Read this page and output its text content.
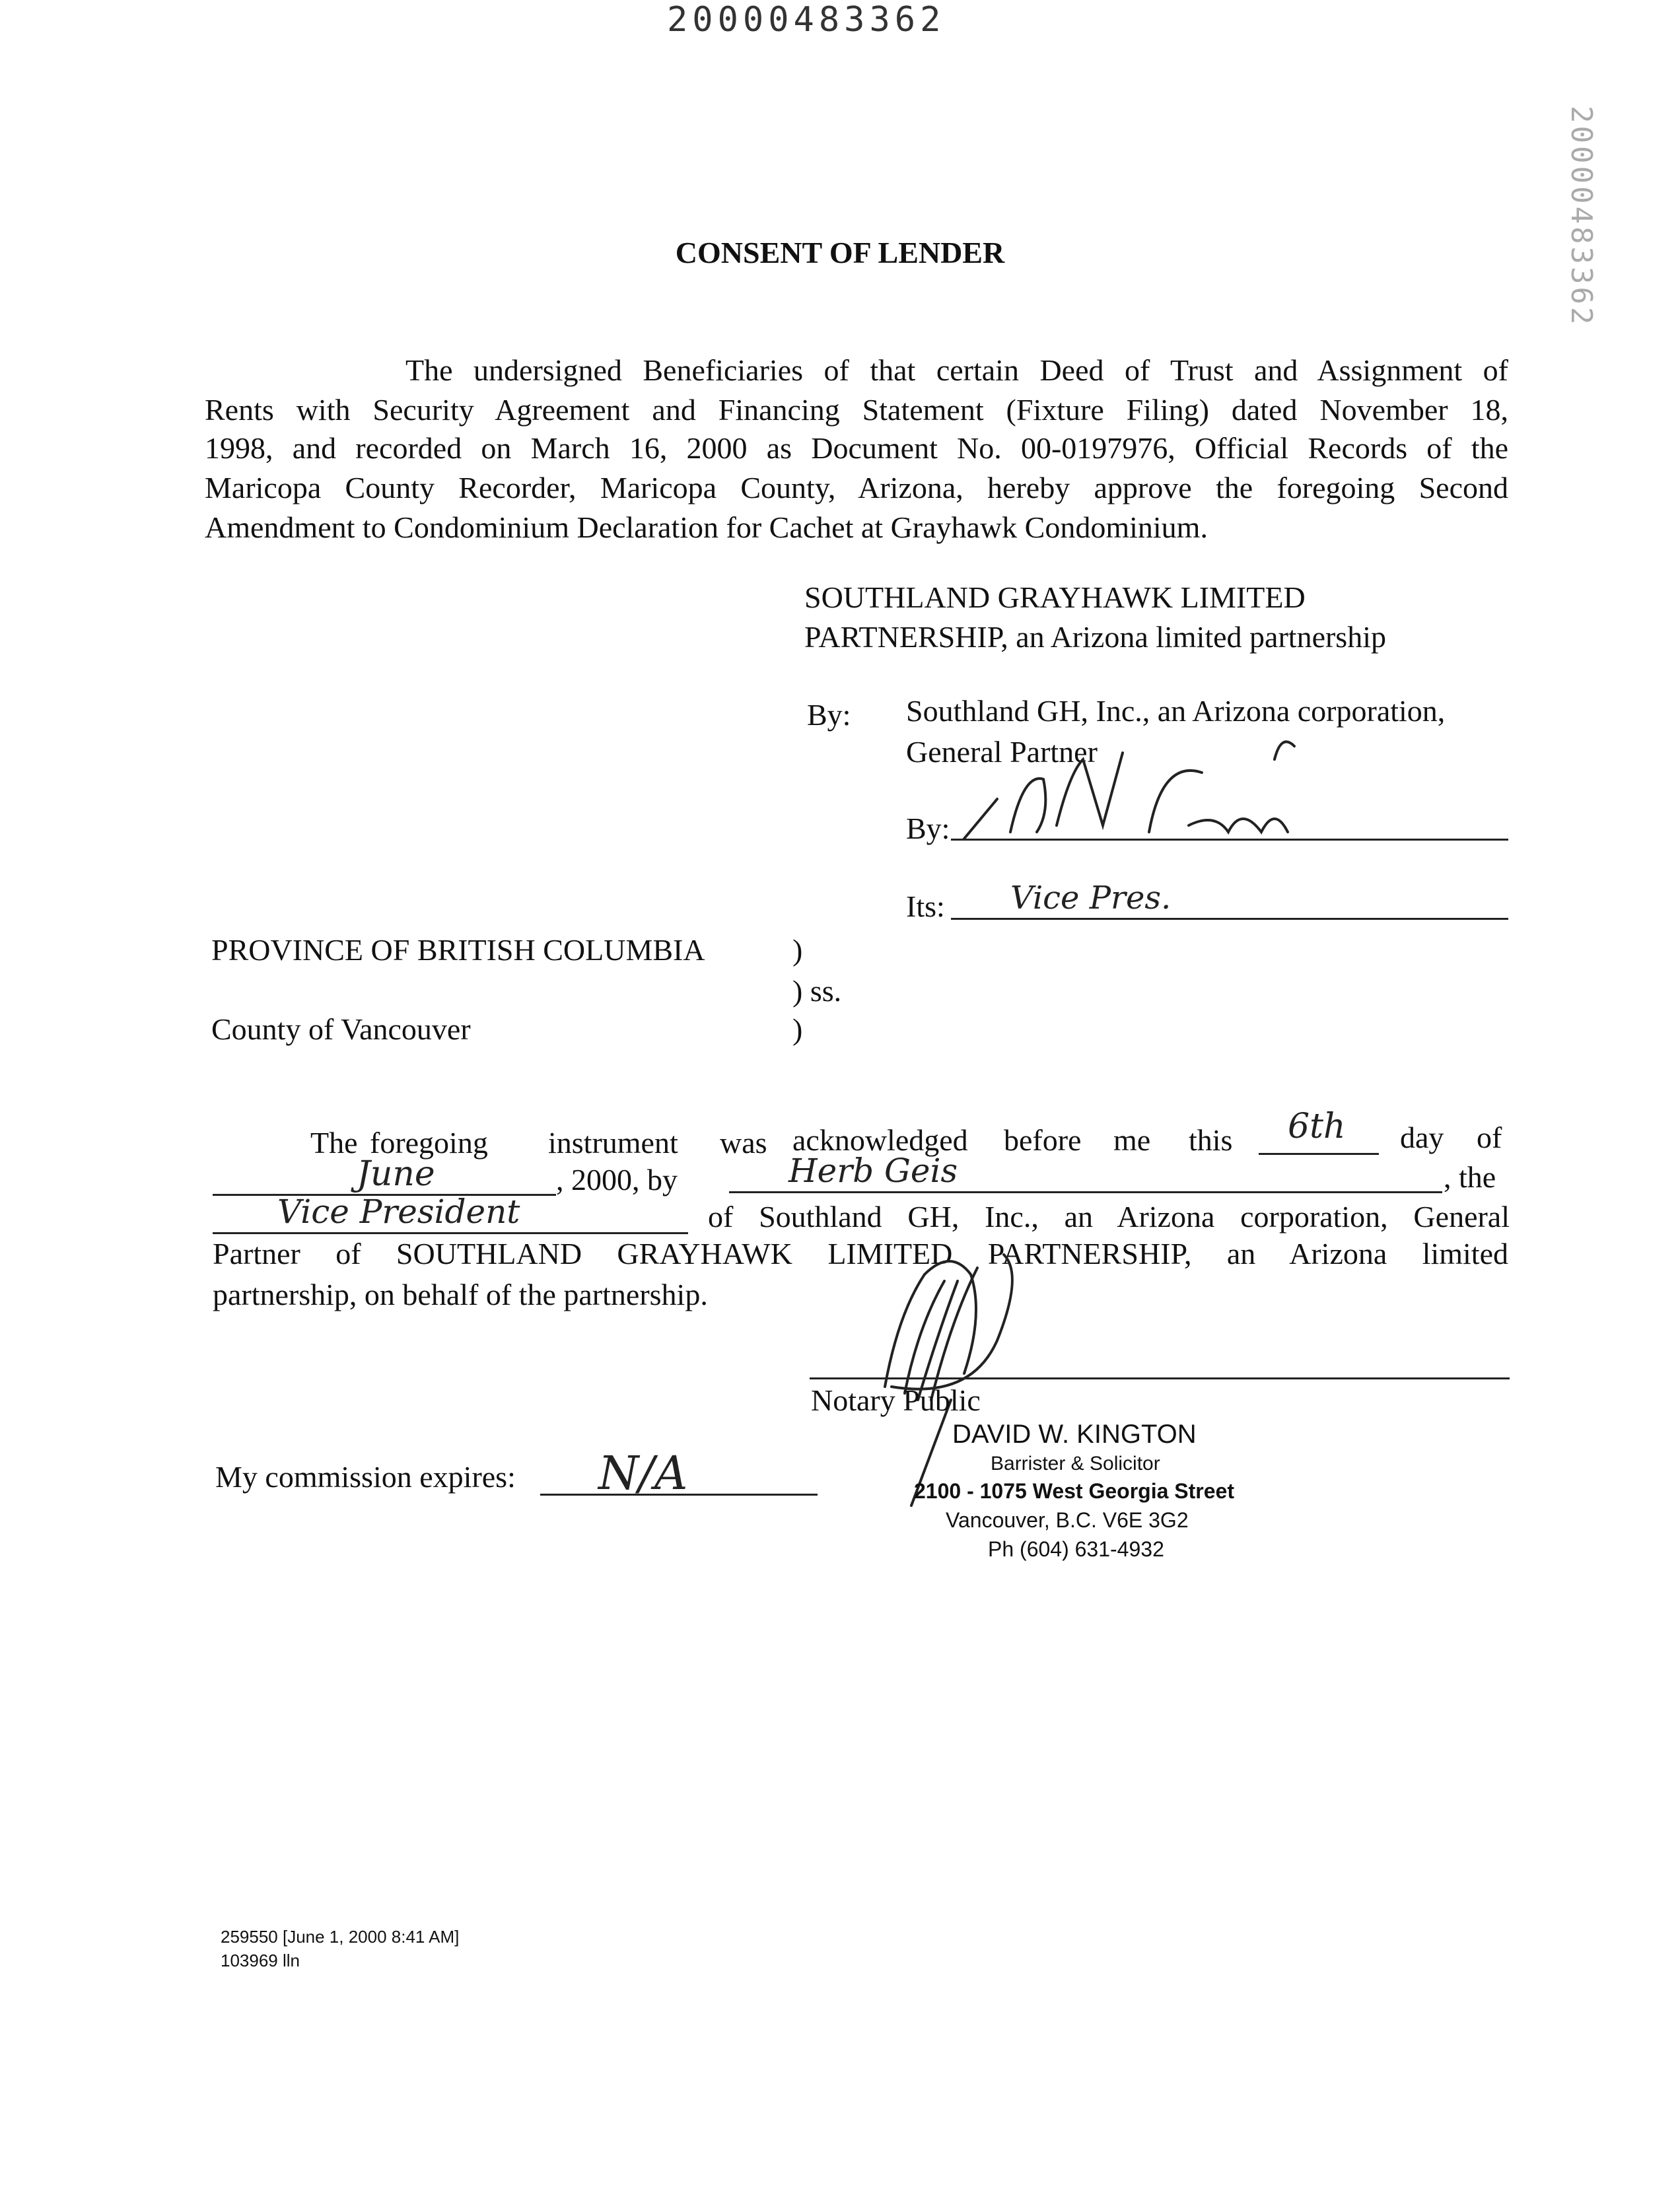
20000483362
20000483362
CONSENT OF LENDER
The undersigned Beneficiaries of that certain Deed of Trust and Assignment of
Rents with Security Agreement and Financing Statement (Fixture Filing) dated November 18,
1998, and recorded on March 16, 2000 as Document No. 00-0197976, Official Records of the
Maricopa County Recorder, Maricopa County, Arizona, hereby approve the foregoing Second
Amendment to Condominium Declaration for Cachet at Grayhawk Condominium.
SOUTHLAND GRAYHAWK LIMITED
PARTNERSHIP, an Arizona limited partnership
By: Southland GH, Inc., an Arizona corporation,
General Partner
By:
Its: Vice Pres.
PROVINCE OF BRITISH COLUMBIA	)
) ss.
County of Vancouver	)
The foregoing instrument was acknowledged before me this 6th day of
June	, 2000, by	Herb Geis	, the
Vice President	of Southland GH, Inc., an Arizona corporation, General
Partner of SOUTHLAND GRAYHAWK LIMITED PARTNERSHIP, an Arizona limited
partnership, on behalf of the partnership.
Notary Public
DAVID W. KINGTON
Barrister & Solicitor
2100 - 1075 West Georgia Street
Vancouver, B.C. V6E 3G2
Ph (604) 631-4932
My commission expires: N/A
259550 [June 1, 2000 8:41 AM]
103969 lln
